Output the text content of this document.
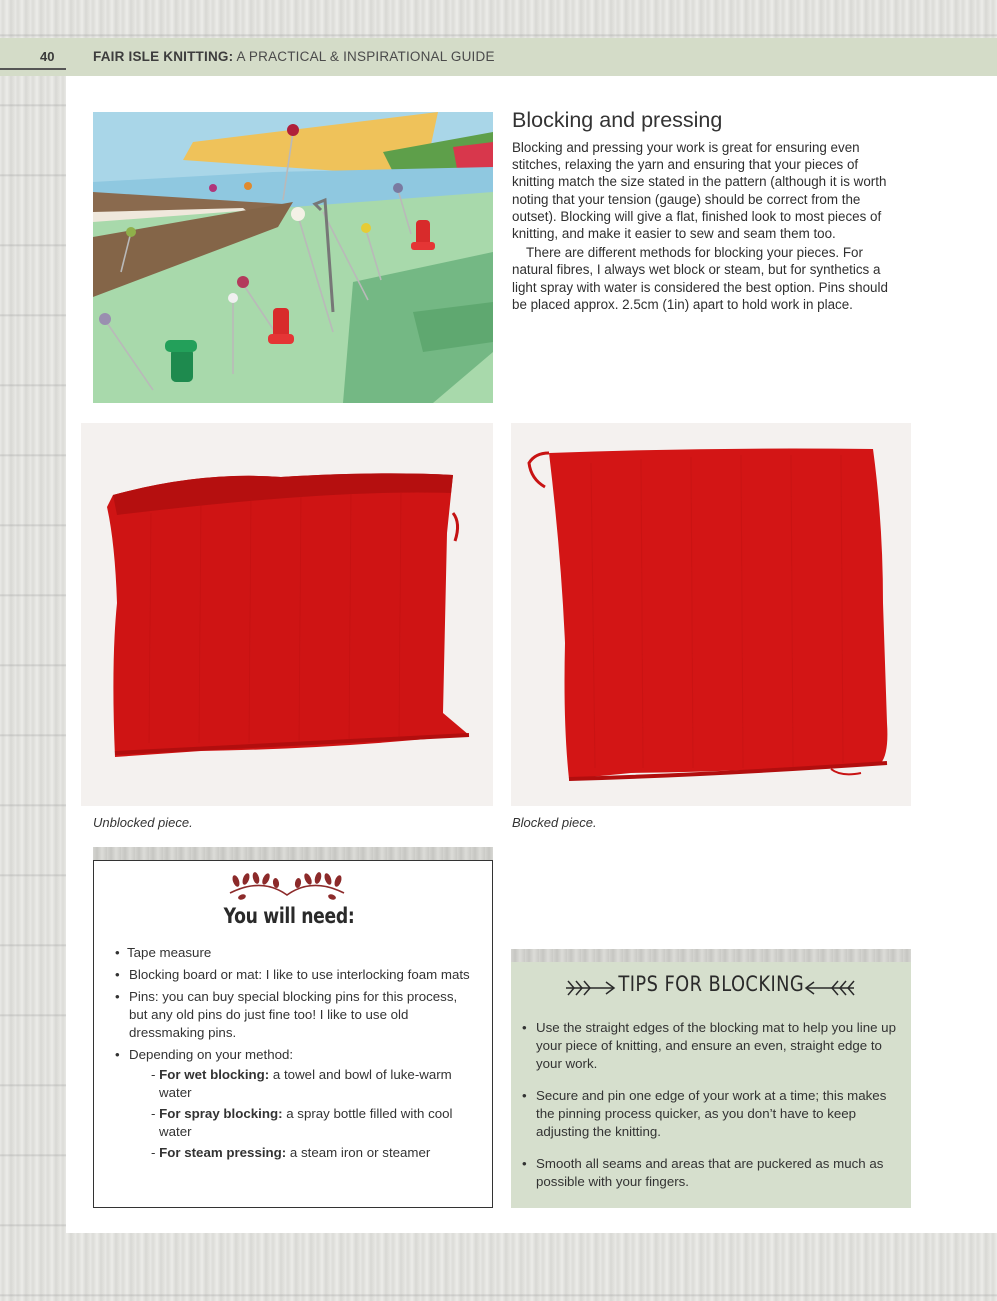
40	FAIR ISLE KNITTING: A PRACTICAL & INSPIRATIONAL GUIDE
Blocking and pressing

Blocking and pressing your work is great for ensuring even stitches, relaxing the yarn and ensuring that your pieces of knitting match the size stated in the pattern (although it is worth noting that your tension (gauge) should be correct from the outset). Blocking will give a flat, finished look to most pieces of knitting, and make it easier to sew and seam them too.

There are different methods for blocking your pieces. For natural fibres, I always wet block or steam, but for synthetics a light spray with water is considered the best option. Pins should be placed approx. 2.5cm (1in) apart to hold work in place.

Unblocked piece.	Blocked piece.
You will need:
• Tape measure
• Blocking board or mat: I like to use interlocking foam mats
• Pins: you can buy special blocking pins for this process, but any old pins do just fine too! I like to use old dressmaking pins.
• Depending on your method:
- For wet blocking: a towel and bowl of luke-warm water
- For spray blocking: a spray bottle filled with cool water
- For steam pressing: a steam iron or steamer
TIPS FOR BLOCKING
• Use the straight edges of the blocking mat to help you line up your piece of knitting, and ensure an even, straight edge to your work.
• Secure and pin one edge of your work at a time; this makes the pinning process quicker, as you don’t have to keep adjusting the knitting.
• Smooth all seams and areas that are puckered as much as possible with your fingers.
